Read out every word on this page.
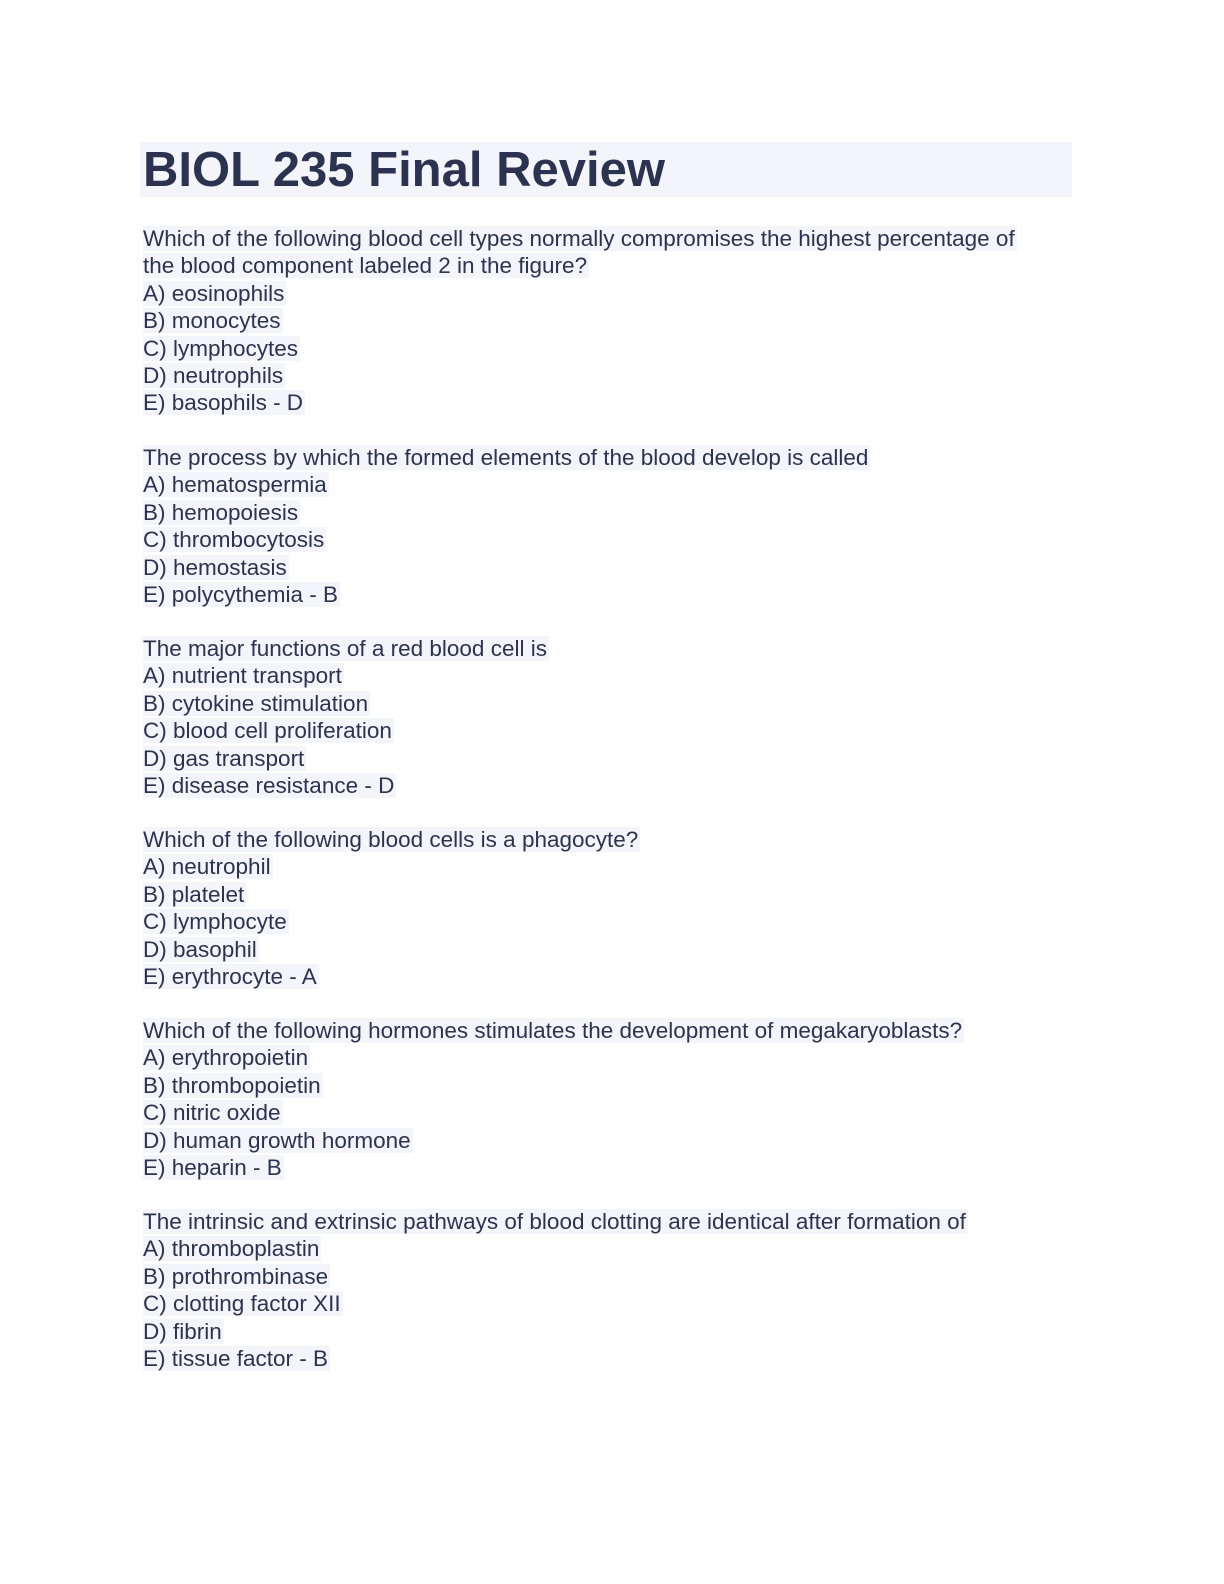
BIOL 235 Final Review
Which of the following blood cell types normally compromises the highest percentage of
the blood component labeled 2 in the figure?
A) eosinophils
B) monocytes
C) lymphocytes
D) neutrophils
E) basophils - D
The process by which the formed elements of the blood develop is called
A) hematospermia
B) hemopoiesis
C) thrombocytosis
D) hemostasis
E) polycythemia - B
The major functions of a red blood cell is
A) nutrient transport
B) cytokine stimulation
C) blood cell proliferation
D) gas transport
E) disease resistance - D
Which of the following blood cells is a phagocyte?
A) neutrophil
B) platelet
C) lymphocyte
D) basophil
E) erythrocyte - A
Which of the following hormones stimulates the development of megakaryoblasts?
A) erythropoietin
B) thrombopoietin
C) nitric oxide
D) human growth hormone
E) heparin - B
The intrinsic and extrinsic pathways of blood clotting are identical after formation of
A) thromboplastin
B) prothrombinase
C) clotting factor XII
D) fibrin
E) tissue factor - B
